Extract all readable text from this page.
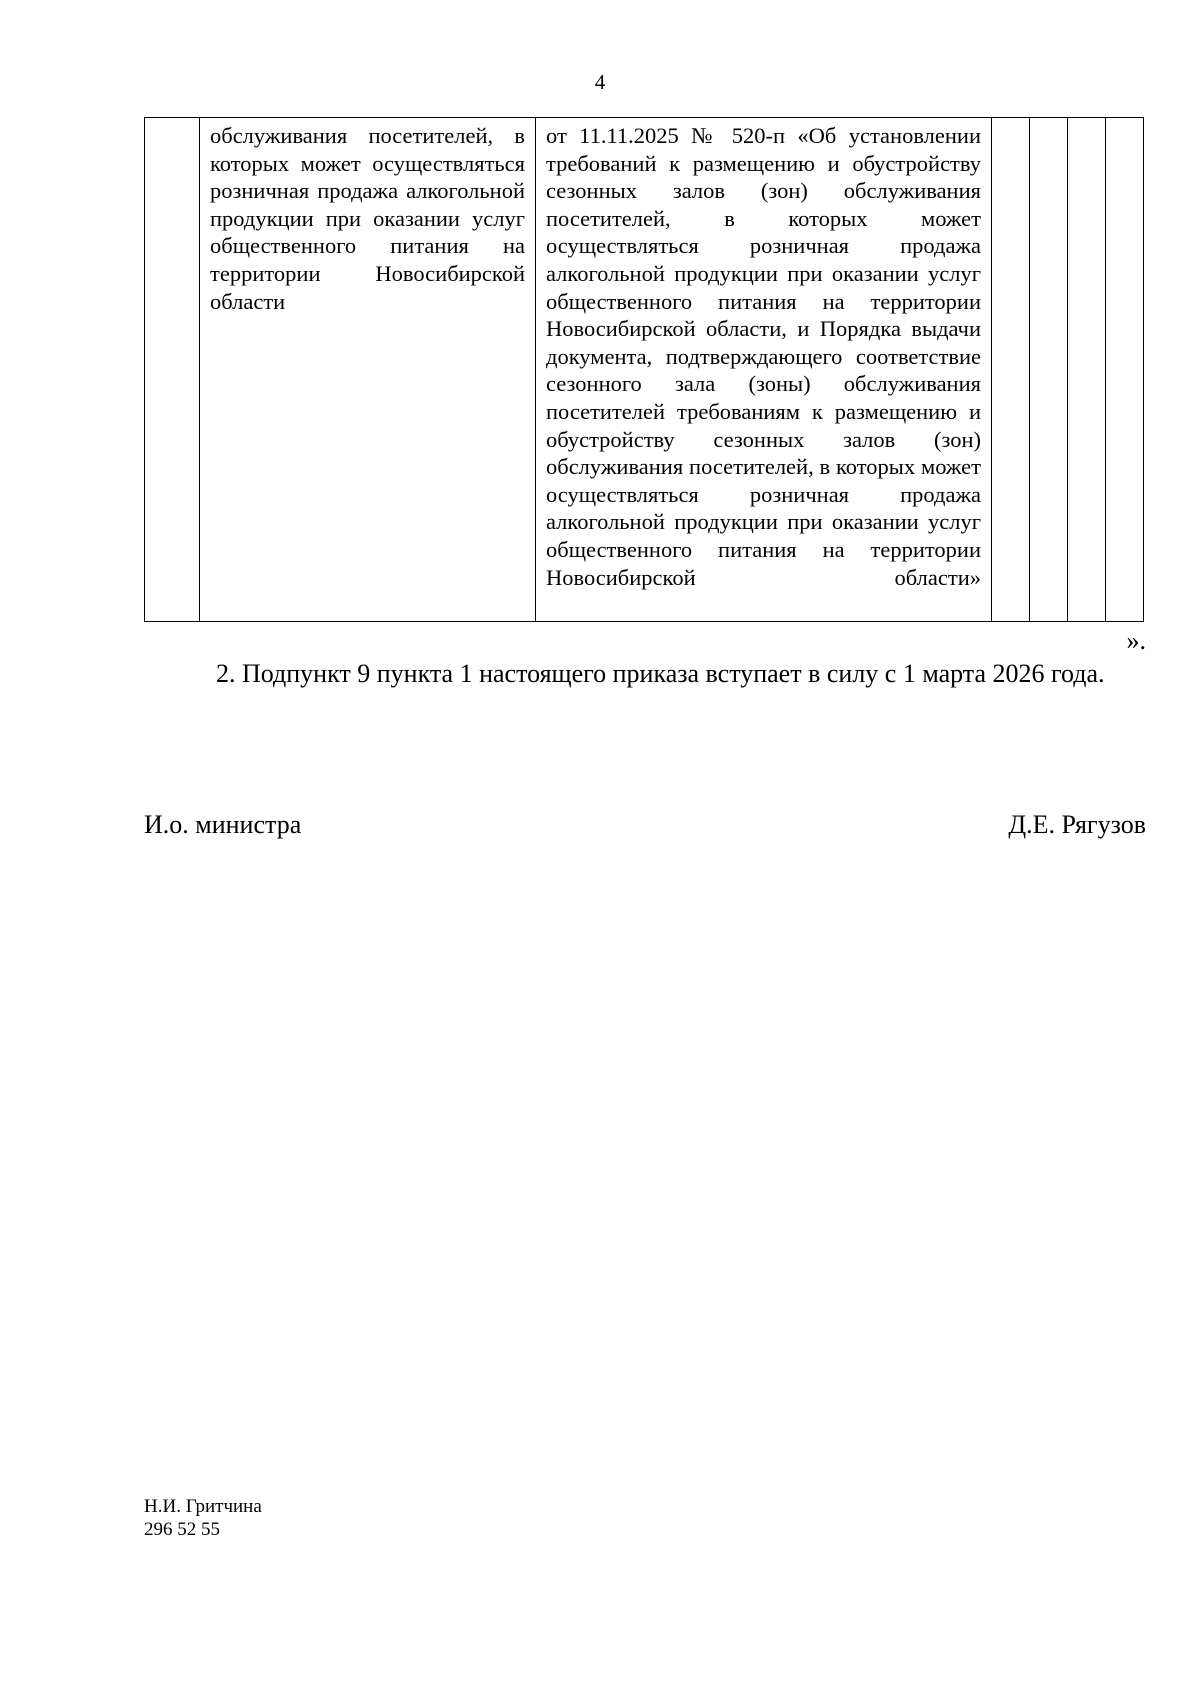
4
	обслуживания посетителей, в которых может осуществляться розничная продажа алкогольной продукции при оказании услуг общественного питания на территории Новосибирской области	от 11.11.2025 № 520-п «Об установлении требований к размещению и обустройству сезонных залов (зон) обслуживания посетителей, в которых может осуществляться розничная продажа алкогольной продукции при оказании услуг общественного питания на территории Новосибирской области, и Порядка выдачи документа, подтверждающего соответствие сезонного зала (зоны) обслуживания посетителей требованиям к размещению и обустройству сезонных залов (зон) обслуживания посетителей, в которых может осуществляться розничная продажа алкогольной продукции при оказании услуг общественного питания на территории Новосибирской области»				
».
2. Подпункт 9 пункта 1 настоящего приказа вступает в силу с 1 марта 2026 года.
И.о. министра	Д.Е. Рягузов
Н.И. Гритчина
296 52 55
